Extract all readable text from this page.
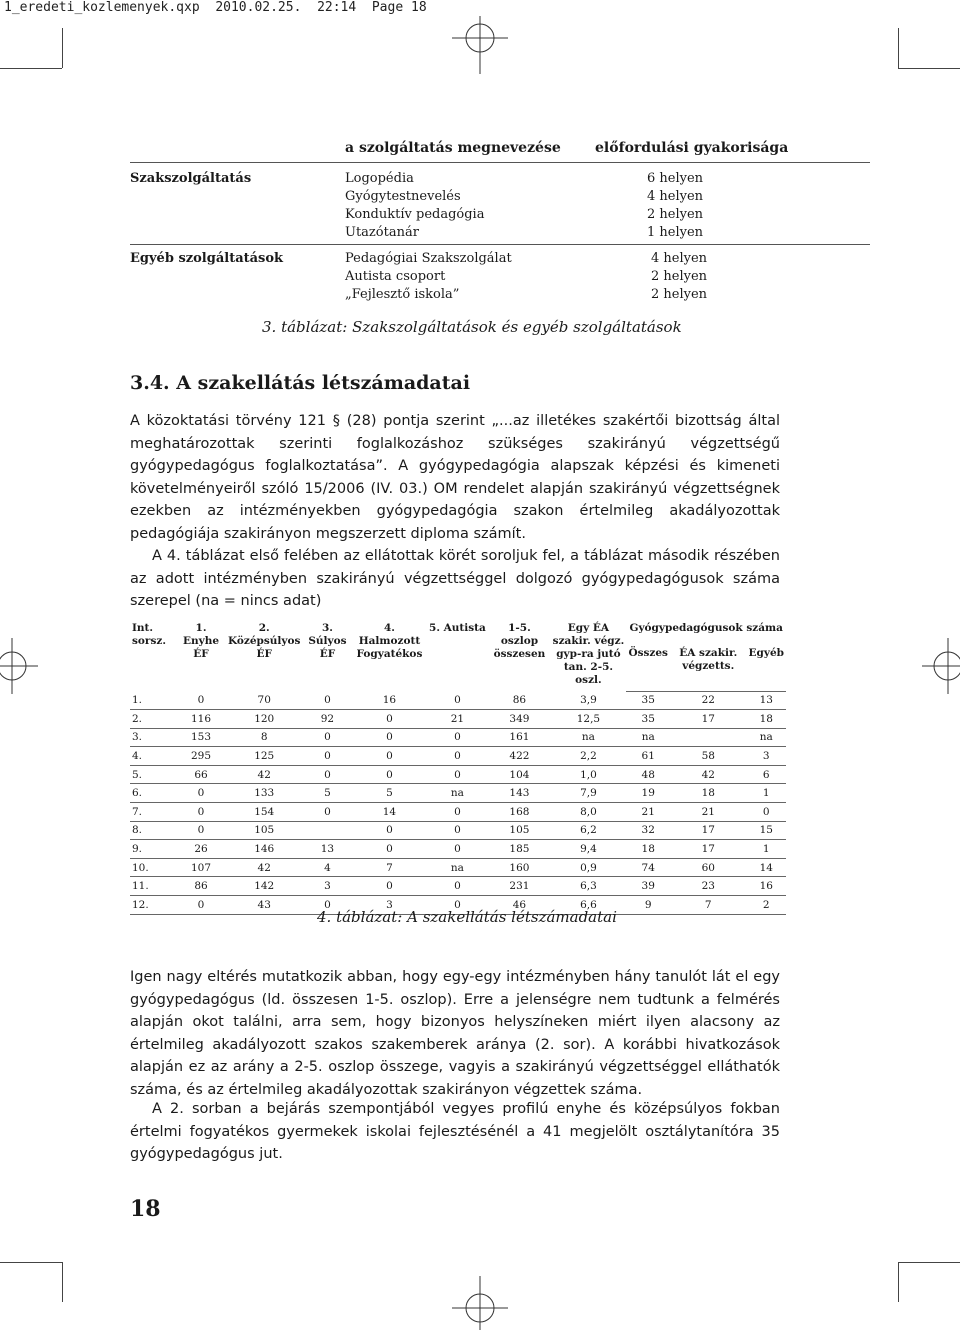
1_eredeti_kozlemenyek.qxp  2010.02.25.  22:14  Page 18
a szolgáltatás megnevezése előfordulási gyakorisága
Szakszolgáltatás	Logopédia	6 helyen
Gyógytestnevelés	4 helyen
Konduktív pedagógia	2 helyen
Utazótanár	1 helyen
Egyéb szolgáltatások	Pedagógiai Szakszolgálat	4 helyen
Autista csoport	2 helyen
„Fejlesztő iskola”	2 helyen
3. táblázat: Szakszolgáltatások és egyéb szolgáltatások
3.4. A szakellátás létszámadatai
A közoktatási törvény 121 § (28) pontja szerint „...az illetékes szakértői bizottság által meghatározottak szerinti foglalkozáshoz szükséges szakirányú végzettségű gyógypedagógus foglalkoztatása”. A gyógypedagógia alapszak képzési és kimeneti követelményeiről szóló 15/2006 (IV. 03.) OM rendelet alapján szakirányú végzettségnek ezekben az intézményekben gyógypedagógia szakon értelmileg akadályozottak pedagógiája szakirányon megszerzett diploma számít.
A 4. táblázat első felében az ellátottak körét soroljuk fel, a táblázat második részében az adott intézményben szakirányú végzettséggel dolgozó gyógypedagógusok száma szerepel (na = nincs adat)
Int. sorsz.	1. Enyhe ÉF	2. Középsúlyos ÉF	3. Súlyos ÉF	4. Halmozott Fogyatékos	5. Autista	1-5. oszlop összesen	Egy ÉA szakir. végz. gyp-ra jutó tan. 2-5. oszl.	Gyógypedagógusok száma		
								Összes	ÉA szakir. végzetts.	Egyéb
1.	0	70	0	16	0	86	3,9	35	22	13
2.	116	120	92	0	21	349	12,5	35	17	18
3.	153	8	0	0	0	161	na	na		na
4.	295	125	0	0	0	422	2,2	61	58	3
5.	66	42	0	0	0	104	1,0	48	42	6
6.	0	133	5	5	na	143	7,9	19	18	1
7.	0	154	0	14	0	168	8,0	21	21	0
8.	0	105		0	0	105	6,2	32	17	15
9.	26	146	13	0	0	185	9,4	18	17	1
10.	107	42	4	7	na	160	0,9	74	60	14
11.	86	142	3	0	0	231	6,3	39	23	16
12.	0	43	0	3	0	46	6,6	9	7	2
4. táblázat: A szakellátás létszámadatai
Igen nagy eltérés mutatkozik abban, hogy egy-egy intézményben hány tanulót lát el egy gyógypedagógus (ld. összesen 1-5. oszlop). Erre a jelenségre nem tudtunk a felmérés alapján okot találni, arra sem, hogy bizonyos helyszíneken miért ilyen alacsony az értelmileg akadályozott szakos szakemberek aránya (2. sor). A korábbi hivatkozások alapján ez az arány a 2-5. oszlop összege, vagyis a szakirányú végzettséggel elláthatók száma, és az értelmileg akadályozottak szakirányon végzettek száma.
A 2. sorban a bejárás szempontjából vegyes profilú enyhe és középsúlyos fokban értelmi fogyatékos gyermekek iskolai fejlesztésénél a 41 megjelölt osztálytanítóra 35 gyógypedagógus jut.
18
